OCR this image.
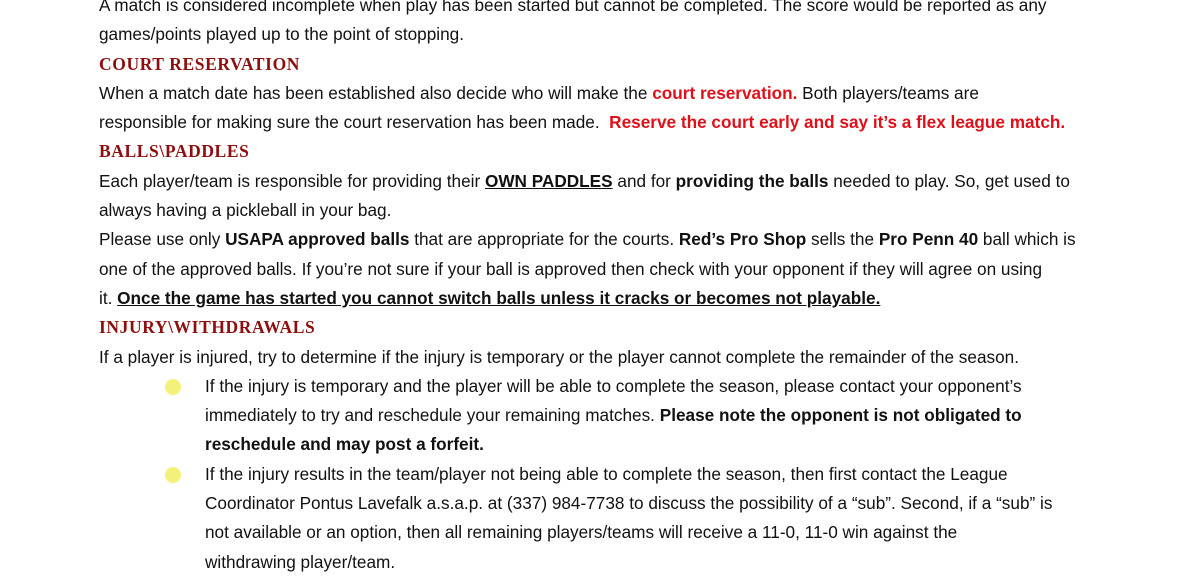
A match is considered incomplete when play has been started but cannot be completed. The score would be reported as any
games/points played up to the point of stopping.
COURT RESERVATION
When a match date has been established also decide who will make the court reservation. Both players/teams are
responsible for making sure the court reservation has been made.  Reserve the court early and say it’s a flex league match.
BALLS\PADDLES
Each player/team is responsible for providing their OWN PADDLES and for providing the balls needed to play. So, get used to
always having a pickleball in your bag.
Please use only USAPA approved balls that are appropriate for the courts. Red’s Pro Shop sells the Pro Penn 40 ball which is
one of the approved balls. If you’re not sure if your ball is approved then check with your opponent if they will agree on using
it. Once the game has started you cannot switch balls unless it cracks or becomes not playable.
INJURY\WITHDRAWALS
If a player is injured, try to determine if the injury is temporary or the player cannot complete the remainder of the season.
If the injury is temporary and the player will be able to complete the season, please contact your opponent’s
immediately to try and reschedule your remaining matches. Please note the opponent is not obligated to
reschedule and may post a forfeit.
If the injury results in the team/player not being able to complete the season, then first contact the League
Coordinator Pontus Lavefalk a.s.a.p. at (337) 984-7738 to discuss the possibility of a “sub”. Second, if a “sub” is
not available or an option, then all remaining players/teams will receive a 11-0, 11-0 win against the
withdrawing player/team.
